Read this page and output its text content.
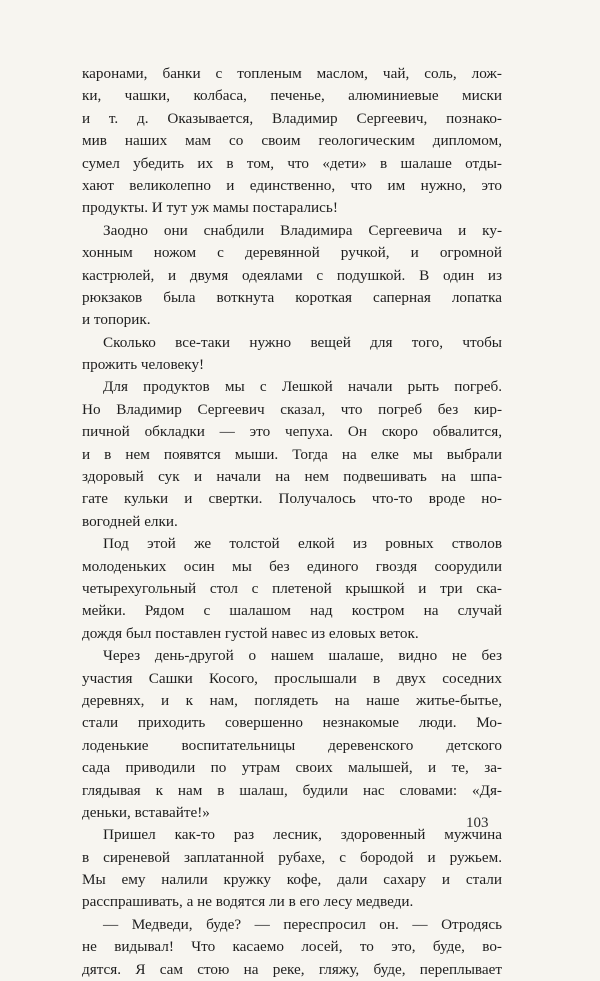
каронами, банки с топленым маслом, чай, соль, лож-
ки, чашки, колбаса, печенье, алюминиевые миски
и т. д. Оказывается, Владимир Сергеевич, познако-
мив наших мам со своим геологическим дипломом,
сумел убедить их в том, что «дети» в шалаше отды-
хают великолепно и единственно, что им нужно, это
продукты. И тут уж мамы постарались!
Заодно они снабдили Владимира Сергеевича и ку-
хонным ножом с деревянной ручкой, и огромной
кастрюлей, и двумя одеялами с подушкой. В один из
рюкзаков была воткнута короткая саперная лопатка
и топорик.
Сколько все-таки нужно вещей для того, чтобы
прожить человеку!
Для продуктов мы с Лешкой начали рыть погреб.
Но Владимир Сергеевич сказал, что погреб без кир-
пичной обкладки — это чепуха. Он скоро обвалится,
и в нем появятся мыши. Тогда на елке мы выбрали
здоровый сук и начали на нем подвешивать на шпа-
гате кульки и свертки. Получалось что-то вроде но-
вогодней елки.
Под этой же толстой елкой из ровных стволов
молоденьких осин мы без единого гвоздя соорудили
четырехугольный стол с плетеной крышкой и три ска-
мейки. Рядом с шалашом над костром на случай
дождя был поставлен густой навес из еловых веток.
Через день-другой о нашем шалаше, видно не без
участия Сашки Косого, прослышали в двух соседних
деревнях, и к нам, поглядеть на наше житье-бытье,
стали приходить совершенно незнакомые люди. Мо-
лоденькие воспитательницы деревенского детского
сада приводили по утрам своих малышей, и те, за-
глядывая к нам в шалаш, будили нас словами: «Дя-
деньки, вставайте!»
Пришел как-то раз лесник, здоровенный мужчина
в сиреневой заплатанной рубахе, с бородой и ружьем.
Мы ему налили кружку кофе, дали сахару и стали
расспрашивать, а не водятся ли в его лесу медведи.
— Медведи, буде? — переспросил он. — Отродясь
не видывал! Что касаемо лосей, то это, буде, во-
дятся. Я сам стою на реке, гляжу, буде, переплывает
103
